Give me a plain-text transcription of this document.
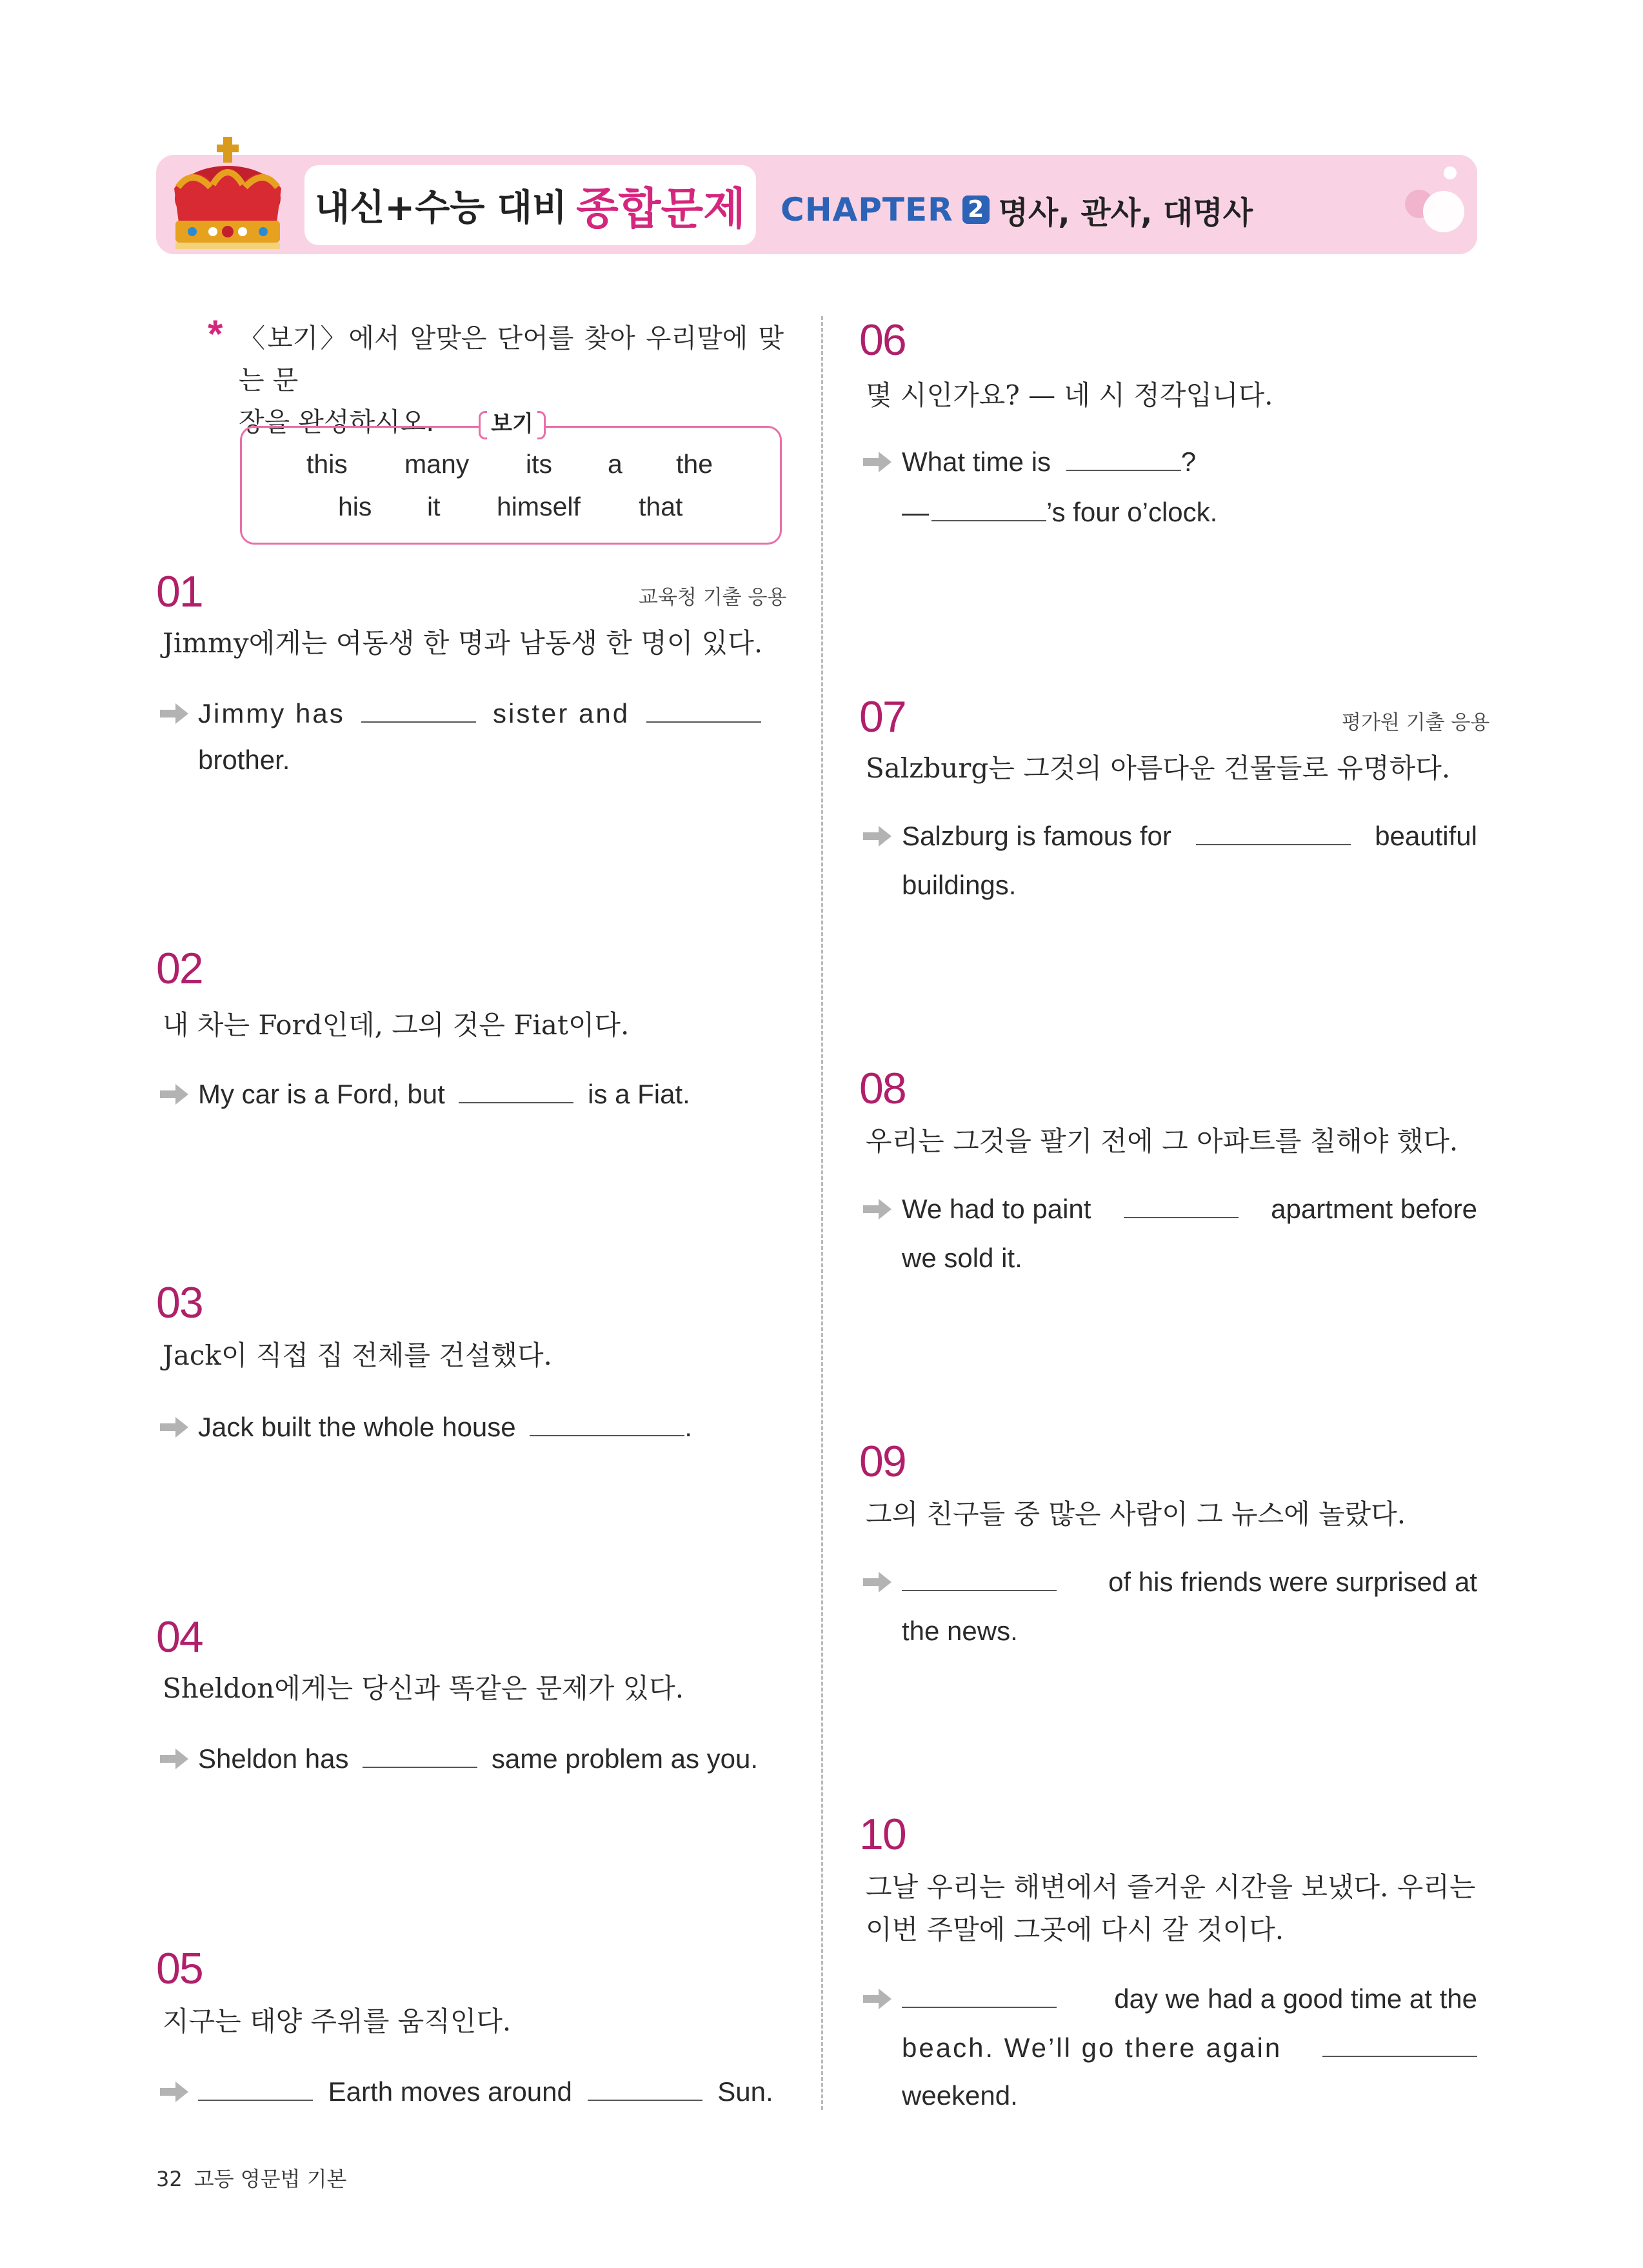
내신+수능 대비 종합문제 CHAPTER 2 명사, 관사, 대명사
* 〈보기〉에서 알맞은 단어를 찾아 우리말에 맞는 문
장을 완성하시오.	보기
this many its a the
his it himself that
01	교육청 기출 응용
Jimmy에게는 여동생 한 명과 남동생 한 명이 있다.
Jimmy has	sister and
brother.
02
내 차는 Ford인데, 그의 것은 Fiat이다.
My car is a Ford, but	is a Fiat.
03
Jack이 직접 집 전체를 건설했다.
Jack built the whole house	.
04
Sheldon에게는 당신과 똑같은 문제가 있다.
Sheldon has	same problem as you.
05
지구는 태양 주위를 움직인다.
Earth moves around	Sun.
06
몇 시인가요? — 네 시 정각입니다.
What time is	?
—	’s four o’clock.
07	평가원 기출 응용
Salzburg는 그것의 아름다운 건물들로 유명하다.
Salzburg is famous for	beautiful
buildings.
08
우리는 그것을 팔기 전에 그 아파트를 칠해야 했다.
We had to paint	apartment before
we sold it.
09
그의 친구들 중 많은 사람이 그 뉴스에 놀랐다.
of his friends were surprised at
the news.
10
그날 우리는 해변에서 즐거운 시간을 보냈다. 우리는
이번 주말에 그곳에 다시 갈 것이다.
day we had a good time at the
beach. We’ll go there again
weekend.
32 고등 영문법 기본
